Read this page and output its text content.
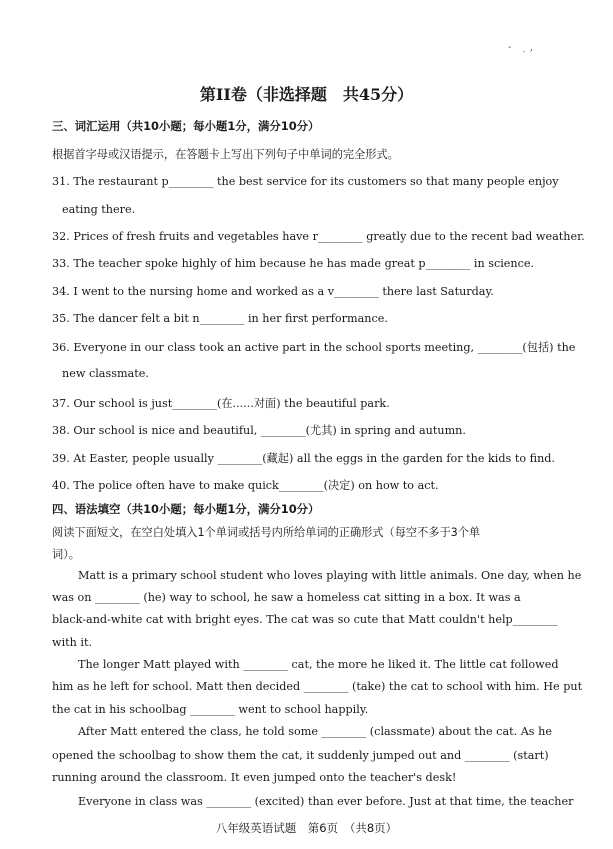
- ˏ,
第II卷（非选择题　共45分）
三、词汇运用（共10小题；每小题1分，满分10分）
根据首字母或汉语提示，在答题卡上写出下列句子中单词的完全形式。
31. The restaurant p________ the best service for its customers so that many people enjoy
eating there.
32. Prices of fresh fruits and vegetables have r________ greatly due to the recent bad weather.
33. The teacher spoke highly of him because he has made great p________ in science.
34. I went to the nursing home and worked as a v________ there last Saturday.
35. The dancer felt a bit n________ in her first performance.
36. Everyone in our class took an active part in the school sports meeting, ________(包括) the
new classmate.
37. Our school is just________(在......对面) the beautiful park.
38. Our school is nice and beautiful, ________(尤其) in spring and autumn.
39. At Easter, people usually ________(藏起) all the eggs in the garden for the kids to find.
40. The police often have to make quick________(决定) on how to act.
四、语法填空（共10小题；每小题1分，满分10分）
阅读下面短文，在空白处填入1个单词或括号内所给单词的正确形式（每空不多于3个单
词）。
Matt is a primary school student who loves playing with little animals. One day, when he
was on ________ (he) way to school, he saw a homeless cat sitting in a box. It was a
black-and-white cat with bright eyes. The cat was so cute that Matt couldn't help________
with it.
The longer Matt played with ________ cat, the more he liked it. The little cat followed
him as he left for school. Matt then decided ________ (take) the cat to school with him. He put
the cat in his schoolbag ________ went to school happily.
After Matt entered the class, he told some ________ (classmate) about the cat. As he
opened the schoolbag to show them the cat, it suddenly jumped out and ________ (start)
running around the classroom. It even jumped onto the teacher's desk!
Everyone in class was ________ (excited) than ever before. Just at that time, the teacher
八年级英语试题　第6页　（共8页）
